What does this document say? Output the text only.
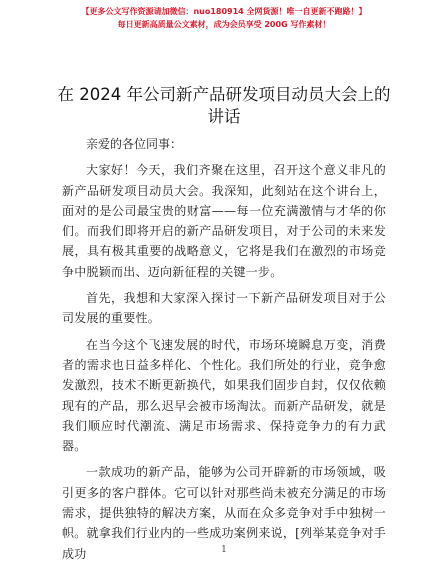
【更多公文写作资源请加微信：nuo180914 全网货源！唯一自更新不跑路！】
每日更新高质量公文素材，成为会员享受 200G 写作素材！
在 2024 年公司新产品研发项目动员大会上的讲话

亲爱的各位同事：

大家好！今天，我们齐聚在这里，召开这个意义非凡的新产品研发项目动员大会。我深知，此刻站在这个讲台上，面对的是公司最宝贵的财富——每一位充满激情与才华的你们。而我们即将开启的新产品研发项目，对于公司的未来发展，具有极其重要的战略意义，它将是我们在激烈的市场竞争中脱颖而出、迈向新征程的关键一步。

首先，我想和大家深入探讨一下新产品研发项目对于公司发展的重要性。

在当今这个飞速发展的时代，市场环境瞬息万变，消费者的需求也日益多样化、个性化。我们所处的行业，竞争愈发激烈，技术不断更新换代，如果我们固步自封，仅仅依赖现有的产品，那么迟早会被市场淘汰。而新产品研发，就是我们顺应时代潮流、满足市场需求、保持竞争力的有力武器。

一款成功的新产品，能够为公司开辟新的市场领域，吸引更多的客户群体。它可以针对那些尚未被充分满足的市场需求，提供独特的解决方案，从而在众多竞争对手中独树一帜。就拿我们行业内的一些成功案例来说，[列举某竞争对手成功	1
